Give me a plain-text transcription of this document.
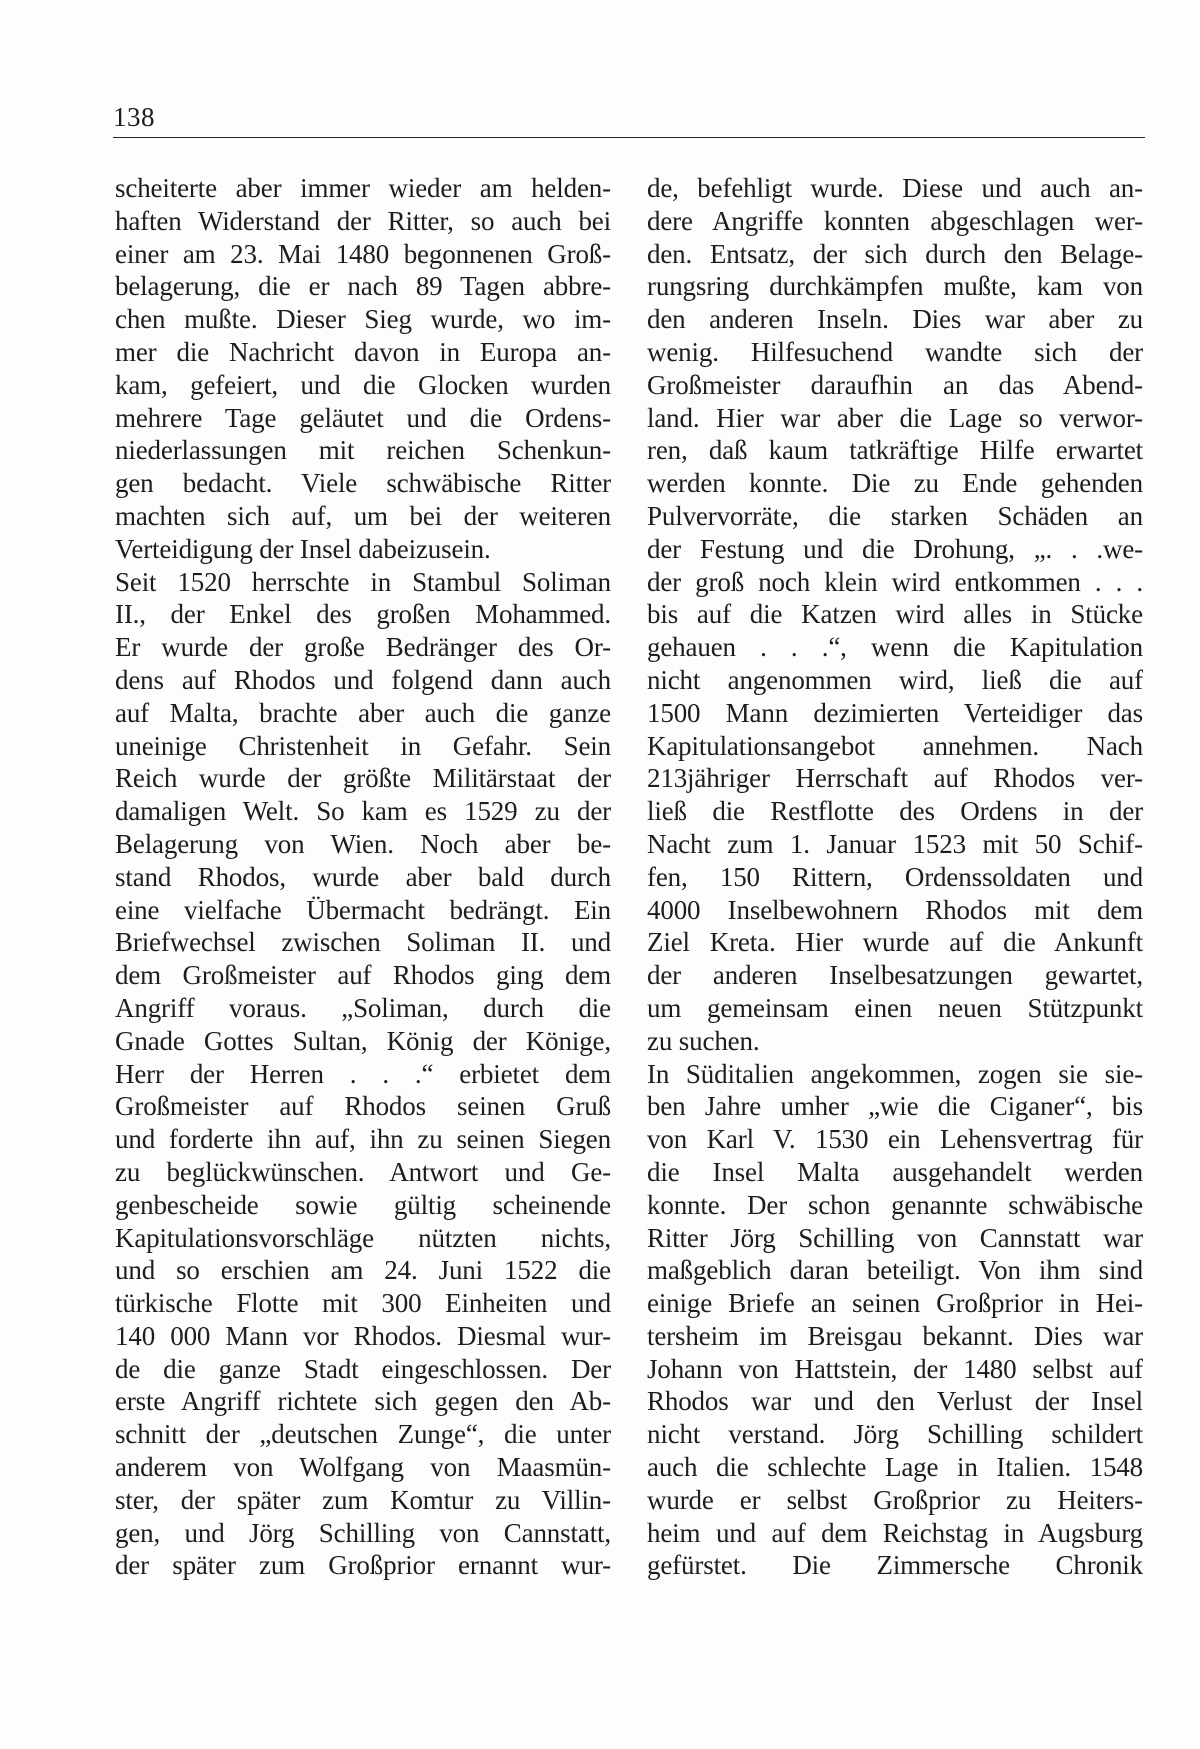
138
scheiterte aber immer wieder am helden-
haften Widerstand der Ritter, so auch bei
einer am 23. Mai 1480 begonnenen Groß-
belagerung, die er nach 89 Tagen abbre-
chen mußte. Dieser Sieg wurde, wo im-
mer die Nachricht davon in Europa an-
kam, gefeiert, und die Glocken wurden
mehrere Tage geläutet und die Ordens-
niederlassungen mit reichen Schenkun-
gen bedacht. Viele schwäbische Ritter
machten sich auf, um bei der weiteren
Verteidigung der Insel dabeizusein.
Seit 1520 herrschte in Stambul Soliman
II., der Enkel des großen Mohammed.
Er wurde der große Bedränger des Or-
dens auf Rhodos und folgend dann auch
auf Malta, brachte aber auch die ganze
uneinige Christenheit in Gefahr. Sein
Reich wurde der größte Militärstaat der
damaligen Welt. So kam es 1529 zu der
Belagerung von Wien. Noch aber be-
stand Rhodos, wurde aber bald durch
eine vielfache Übermacht bedrängt. Ein
Briefwechsel zwischen Soliman II. und
dem Großmeister auf Rhodos ging dem
Angriff voraus. „Soliman, durch die
Gnade Gottes Sultan, König der Könige,
Herr der Herren . . .“ erbietet dem
Großmeister auf Rhodos seinen Gruß
und forderte ihn auf, ihn zu seinen Siegen
zu beglückwünschen. Antwort und Ge-
genbescheide sowie gültig scheinende
Kapitulationsvorschläge nützten nichts,
und so erschien am 24. Juni 1522 die
türkische Flotte mit 300 Einheiten und
140 000 Mann vor Rhodos. Diesmal wur-
de die ganze Stadt eingeschlossen. Der
erste Angriff richtete sich gegen den Ab-
schnitt der „deutschen Zunge“, die unter
anderem von Wolfgang von Maasmün-
ster, der später zum Komtur zu Villin-
gen, und Jörg Schilling von Cannstatt,
der später zum Großprior ernannt wur-
de, befehligt wurde. Diese und auch an-
dere Angriffe konnten abgeschlagen wer-
den. Entsatz, der sich durch den Belage-
rungsring durchkämpfen mußte, kam von
den anderen Inseln. Dies war aber zu
wenig. Hilfesuchend wandte sich der
Großmeister daraufhin an das Abend-
land. Hier war aber die Lage so verwor-
ren, daß kaum tatkräftige Hilfe erwartet
werden konnte. Die zu Ende gehenden
Pulvervorräte, die starken Schäden an
der Festung und die Drohung, „. . .we-
der groß noch klein wird entkommen . . .
bis auf die Katzen wird alles in Stücke
gehauen . . .“, wenn die Kapitulation
nicht angenommen wird, ließ die auf
1500 Mann dezimierten Verteidiger das
Kapitulationsangebot annehmen. Nach
213jähriger Herrschaft auf Rhodos ver-
ließ die Restflotte des Ordens in der
Nacht zum 1. Januar 1523 mit 50 Schif-
fen, 150 Rittern, Ordenssoldaten und
4000 Inselbewohnern Rhodos mit dem
Ziel Kreta. Hier wurde auf die Ankunft
der anderen Inselbesatzungen gewartet,
um gemeinsam einen neuen Stützpunkt
zu suchen.
In Süditalien angekommen, zogen sie sie-
ben Jahre umher „wie die Ciganer“, bis
von Karl V. 1530 ein Lehensvertrag für
die Insel Malta ausgehandelt werden
konnte. Der schon genannte schwäbische
Ritter Jörg Schilling von Cannstatt war
maßgeblich daran beteiligt. Von ihm sind
einige Briefe an seinen Großprior in Hei-
tersheim im Breisgau bekannt. Dies war
Johann von Hattstein, der 1480 selbst auf
Rhodos war und den Verlust der Insel
nicht verstand. Jörg Schilling schildert
auch die schlechte Lage in Italien. 1548
wurde er selbst Großprior zu Heiters-
heim und auf dem Reichstag in Augsburg
gefürstet. Die Zimmersche Chronik
